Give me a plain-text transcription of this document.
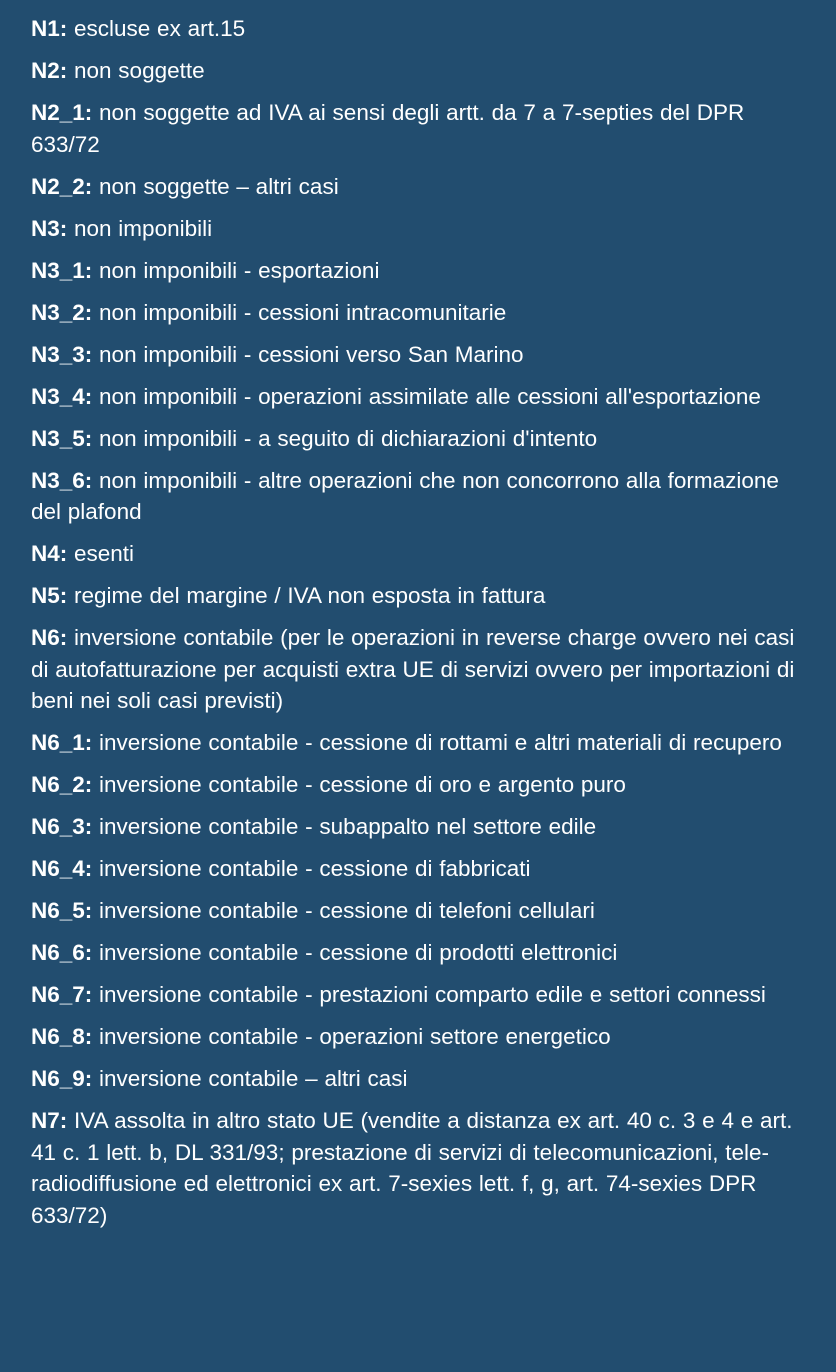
N1: escluse ex art.15
N2: non soggette
N2_1: non soggette ad IVA ai sensi degli artt. da 7 a 7-septies del DPR 633/72
N2_2: non soggette – altri casi
N3: non imponibili
N3_1: non imponibili - esportazioni
N3_2: non imponibili - cessioni intracomunitarie
N3_3: non imponibili - cessioni verso San Marino
N3_4: non imponibili - operazioni assimilate alle cessioni all'esportazione
N3_5: non imponibili - a seguito di dichiarazioni d'intento
N3_6: non imponibili - altre operazioni che non concorrono alla formazione del plafond
N4: esenti
N5: regime del margine / IVA non esposta in fattura
N6: inversione contabile (per le operazioni in reverse charge ovvero nei casi di autofatturazione per acquisti extra UE di servizi ovvero per importazioni di beni nei soli casi previsti)
N6_1: inversione contabile - cessione di rottami e altri materiali di recupero
N6_2: inversione contabile - cessione di oro e argento puro
N6_3: inversione contabile - subappalto nel settore edile
N6_4: inversione contabile - cessione di fabbricati
N6_5: inversione contabile - cessione di telefoni cellulari
N6_6: inversione contabile - cessione di prodotti elettronici
N6_7: inversione contabile - prestazioni comparto edile e settori connessi
N6_8: inversione contabile - operazioni settore energetico
N6_9: inversione contabile – altri casi
N7: IVA assolta in altro stato UE (vendite a distanza ex art. 40 c. 3 e 4 e art. 41 c. 1 lett. b, DL 331/93; prestazione di servizi di telecomunicazioni, tele-radiodiffusione ed elettronici ex art. 7-sexies lett. f, g, art. 74-sexies DPR 633/72)
